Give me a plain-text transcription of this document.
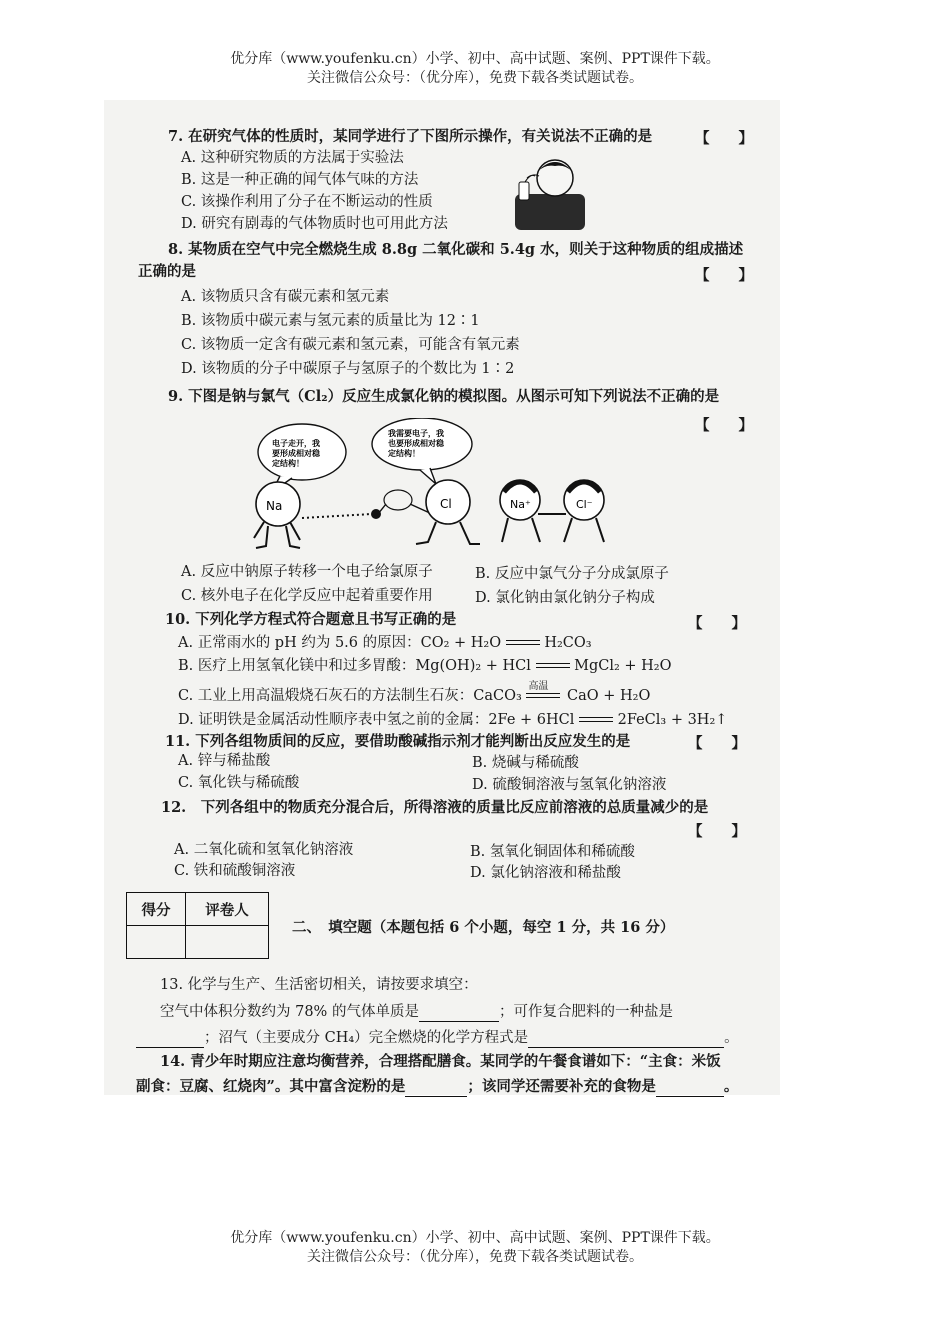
优分库（www.youfenku.cn）小学、初中、高中试题、案例、PPT课件下载。
关注微信公众号：（优分库），免费下载各类试题试卷。
7. 在研究气体的性质时，某同学进行了下图所示操作，有关说法不正确的是	【　　】
A. 这种研究物质的方法属于实验法
B. 这是一种正确的闻气体气味的方法
C. 该操作利用了分子在不断运动的性质
D. 研究有剧毒的气体物质时也可用此方法
8. 某物质在空气中完全燃烧生成 8.8g 二氧化碳和 5.4g 水，则关于这种物质的组成描述
正确的是	【　　】
A. 该物质只含有碳元素和氢元素
B. 该物质中碳元素与氢元素的质量比为 12∶1
C. 该物质一定含有碳元素和氢元素，可能含有氧元素
D. 该物质的分子中碳原子与氢原子的个数比为 1∶2
9. 下图是钠与氯气（Cl₂）反应生成氯化钠的模拟图。从图示可知下列说法不正确的是
【　　】
电子走开，我
要形成相对稳
定结构！
我需要电子，我
也要形成相对稳
定结构！
Na	Cl	Na⁺	Cl⁻
A. 反应中钠原子转移一个电子给氯原子	B. 反应中氯气分子分成氯原子
C. 核外电子在化学反应中起着重要作用	D. 氯化钠由氯化钠分子构成
10. 下列化学方程式符合题意且书写正确的是	【　　】
A. 正常雨水的 pH 约为 5.6 的原因：CO₂ + H₂O	H₂CO₃
B. 医疗上用氢氧化镁中和过多胃酸：Mg(OH)₂ + HCl	MgCl₂ + H₂O
C. 工业上用高温煅烧石灰石的方法制生石灰：CaCO₃
高温
CaO + H₂O
D. 证明铁是金属活动性顺序表中氢之前的金属：2Fe + 6HCl	2FeCl₃ + 3H₂↑
11. 下列各组物质间的反应，要借助酸碱指示剂才能判断出反应发生的是	【　　】
A. 锌与稀盐酸	B. 烧碱与稀硫酸
C. 氧化铁与稀硫酸	D. 硫酸铜溶液与氢氧化钠溶液
12.　下列各组中的物质充分混合后，所得溶液的质量比反应前溶液的总质量减少的是
【　　】
A. 二氧化硫和氢氧化钠溶液	B. 氢氧化铜固体和稀硫酸
C. 铁和硫酸铜溶液	D. 氯化钠溶液和稀盐酸
得分	评卷人

二、　填空题（本题包括 6 个小题，每空 1 分，共 16 分）
13. 化学与生产、生活密切相关，请按要求填空：
空气中体积分数约为 78% 的气体单质是	；可作复合肥料的一种盐是
；沼气（主要成分 CH₄）完全燃烧的化学方程式是	。
14. 青少年时期应注意均衡营养，合理搭配膳食。某同学的午餐食谱如下：“主食：米饭
副食：豆腐、红烧肉”。其中富含淀粉的是	；该同学还需要补充的食物是	。
优分库（www.youfenku.cn）小学、初中、高中试题、案例、PPT课件下载。
关注微信公众号：（优分库），免费下载各类试题试卷。
